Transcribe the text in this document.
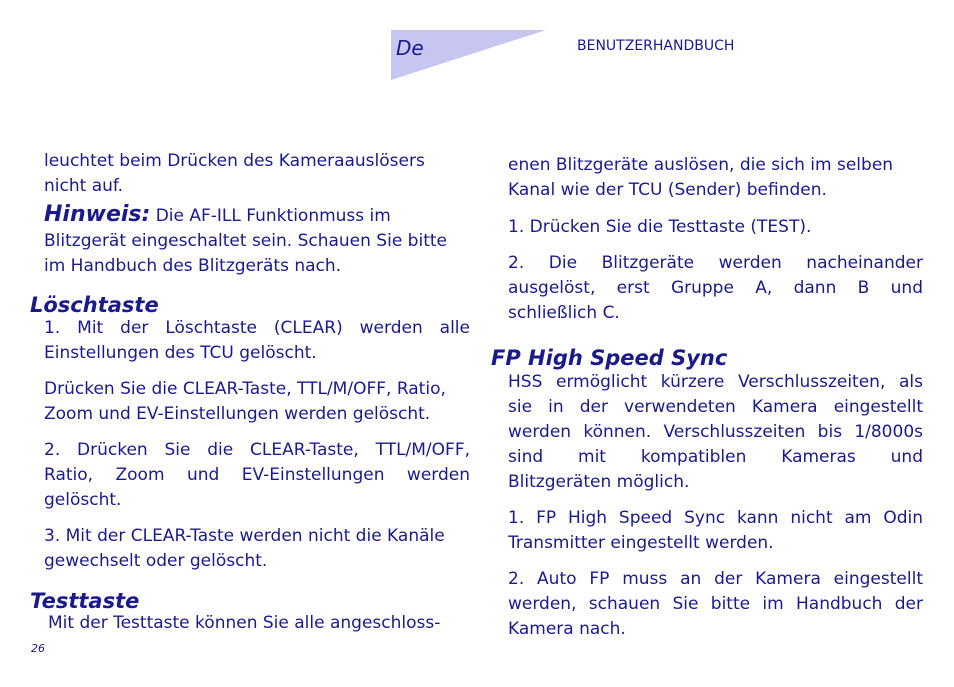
De	BENUTZERHANDBUCH

leuchtet beim Drücken des Kameraauslösers
nicht auf.

Hinweis: Die AF-ILL Funktionmuss im
Blitzgerät eingeschaltet sein. Schauen Sie bitte
im Handbuch des Blitzgeräts nach.

Löschtaste

1. Mit der Löschtaste (CLEAR) werden alle
Einstellungen des TCU gelöscht.

Drücken Sie die CLEAR-Taste, TTL/M/OFF, Ratio,
Zoom und EV-Einstellungen werden gelöscht.

2. Drücken Sie die CLEAR-Taste, TTL/M/OFF,
Ratio, Zoom und EV-Einstellungen werden
gelöscht.

3. Mit der CLEAR-Taste werden nicht die Kanäle
gewechselt oder gelöscht.

Testtaste

Mit der Testtaste können Sie alle angeschloss-

enen Blitzgeräte auslösen, die sich im selben
Kanal wie der TCU (Sender) befinden.

1. Drücken Sie die Testtaste (TEST).

2. Die Blitzgeräte werden nacheinander
ausgelöst, erst Gruppe A, dann B und
schließlich C.

FP High Speed Sync

HSS ermöglicht kürzere Verschlusszeiten, als
sie in der verwendeten Kamera eingestellt
werden können. Verschlusszeiten bis 1/8000s
sind mit kompatiblen Kameras und
Blitzgeräten möglich.

1. FP High Speed Sync kann nicht am Odin
Transmitter eingestellt werden.

2. Auto FP muss an der Kamera eingestellt
werden, schauen Sie bitte im Handbuch der
Kamera nach.

26
